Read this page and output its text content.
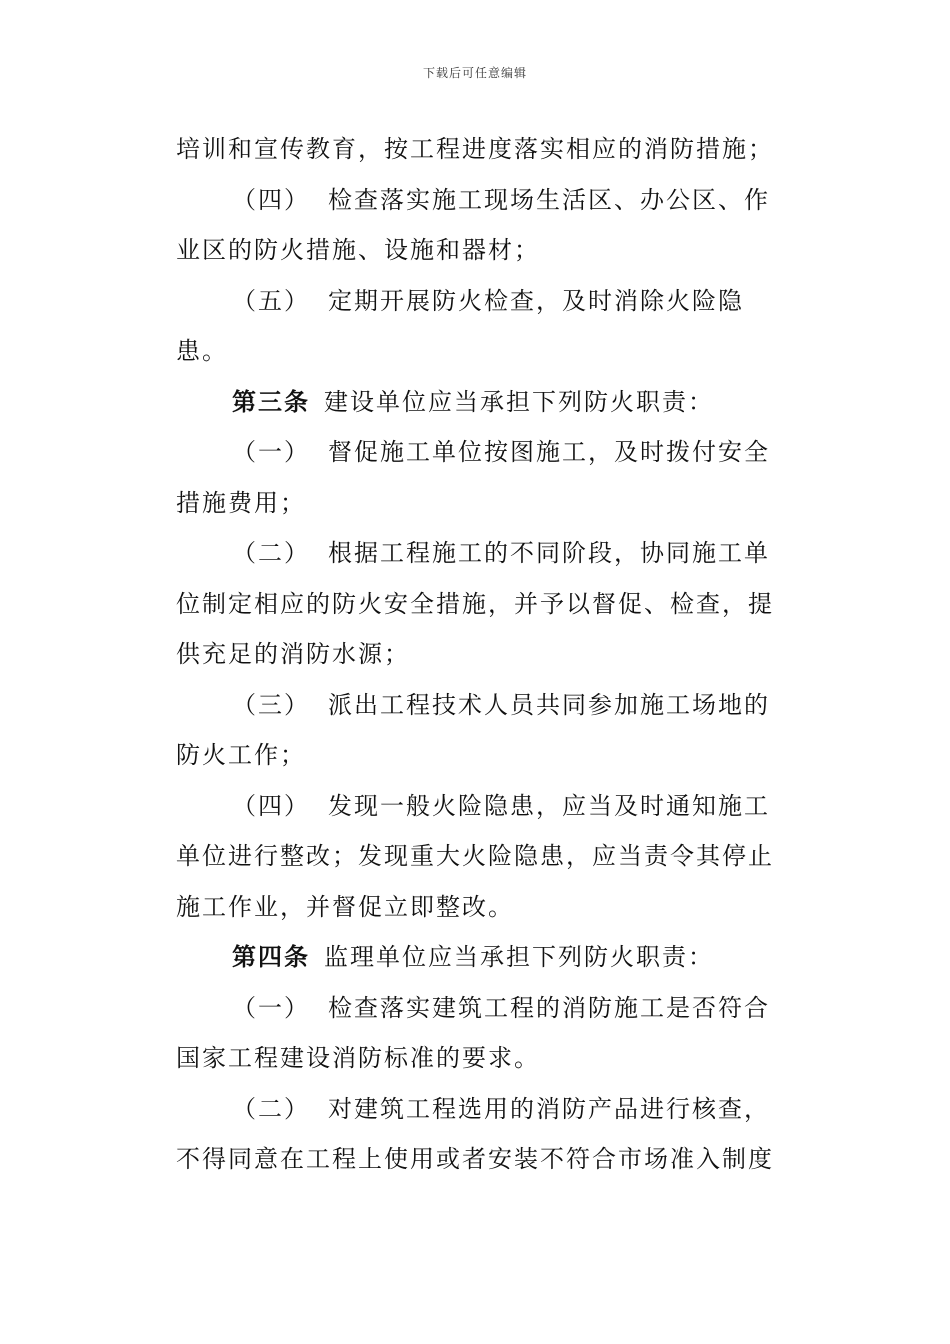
下载后可任意编辑
培训和宣传教育，按工程进度落实相应的消防措施；
（四） 检查落实施工现场生活区、办公区、作
业区的防火措施、设施和器材；
（五） 定期开展防火检查，及时消除火险隐
患。
第三条 建设单位应当承担下列防火职责：
（一） 督促施工单位按图施工，及时拨付安全
措施费用；
（二） 根据工程施工的不同阶段，协同施工单
位制定相应的防火安全措施，并予以督促、检查，提
供充足的消防水源；
（三） 派出工程技术人员共同参加施工场地的
防火工作；
（四） 发现一般火险隐患，应当及时通知施工
单位进行整改；发现重大火险隐患，应当责令其停止
施工作业，并督促立即整改。
第四条 监理单位应当承担下列防火职责：
（一） 检查落实建筑工程的消防施工是否符合
国家工程建设消防标准的要求。
（二） 对建筑工程选用的消防产品进行核查，
不得同意在工程上使用或者安装不符合市场准入制度
